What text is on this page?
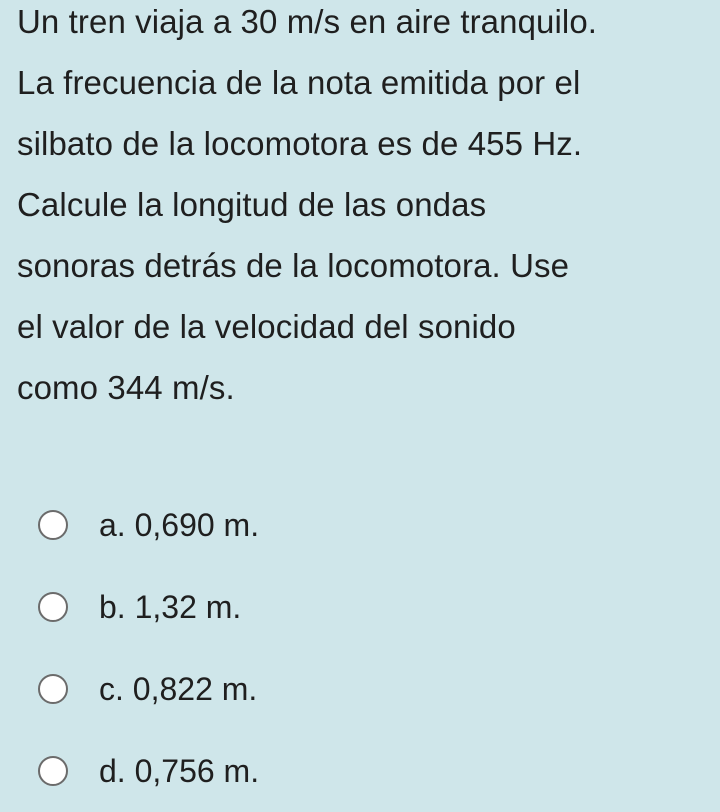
Un tren viaja a 30 m/s en aire tranquilo.
La frecuencia de la nota emitida por el
silbato de la locomotora es de 455 Hz.
Calcule la longitud de las ondas
sonoras detrás de la locomotora. Use
el valor de la velocidad del sonido
como 344 m/s.
a. 0,690 m.
b. 1,32 m.
c. 0,822 m.
d. 0,756 m.
